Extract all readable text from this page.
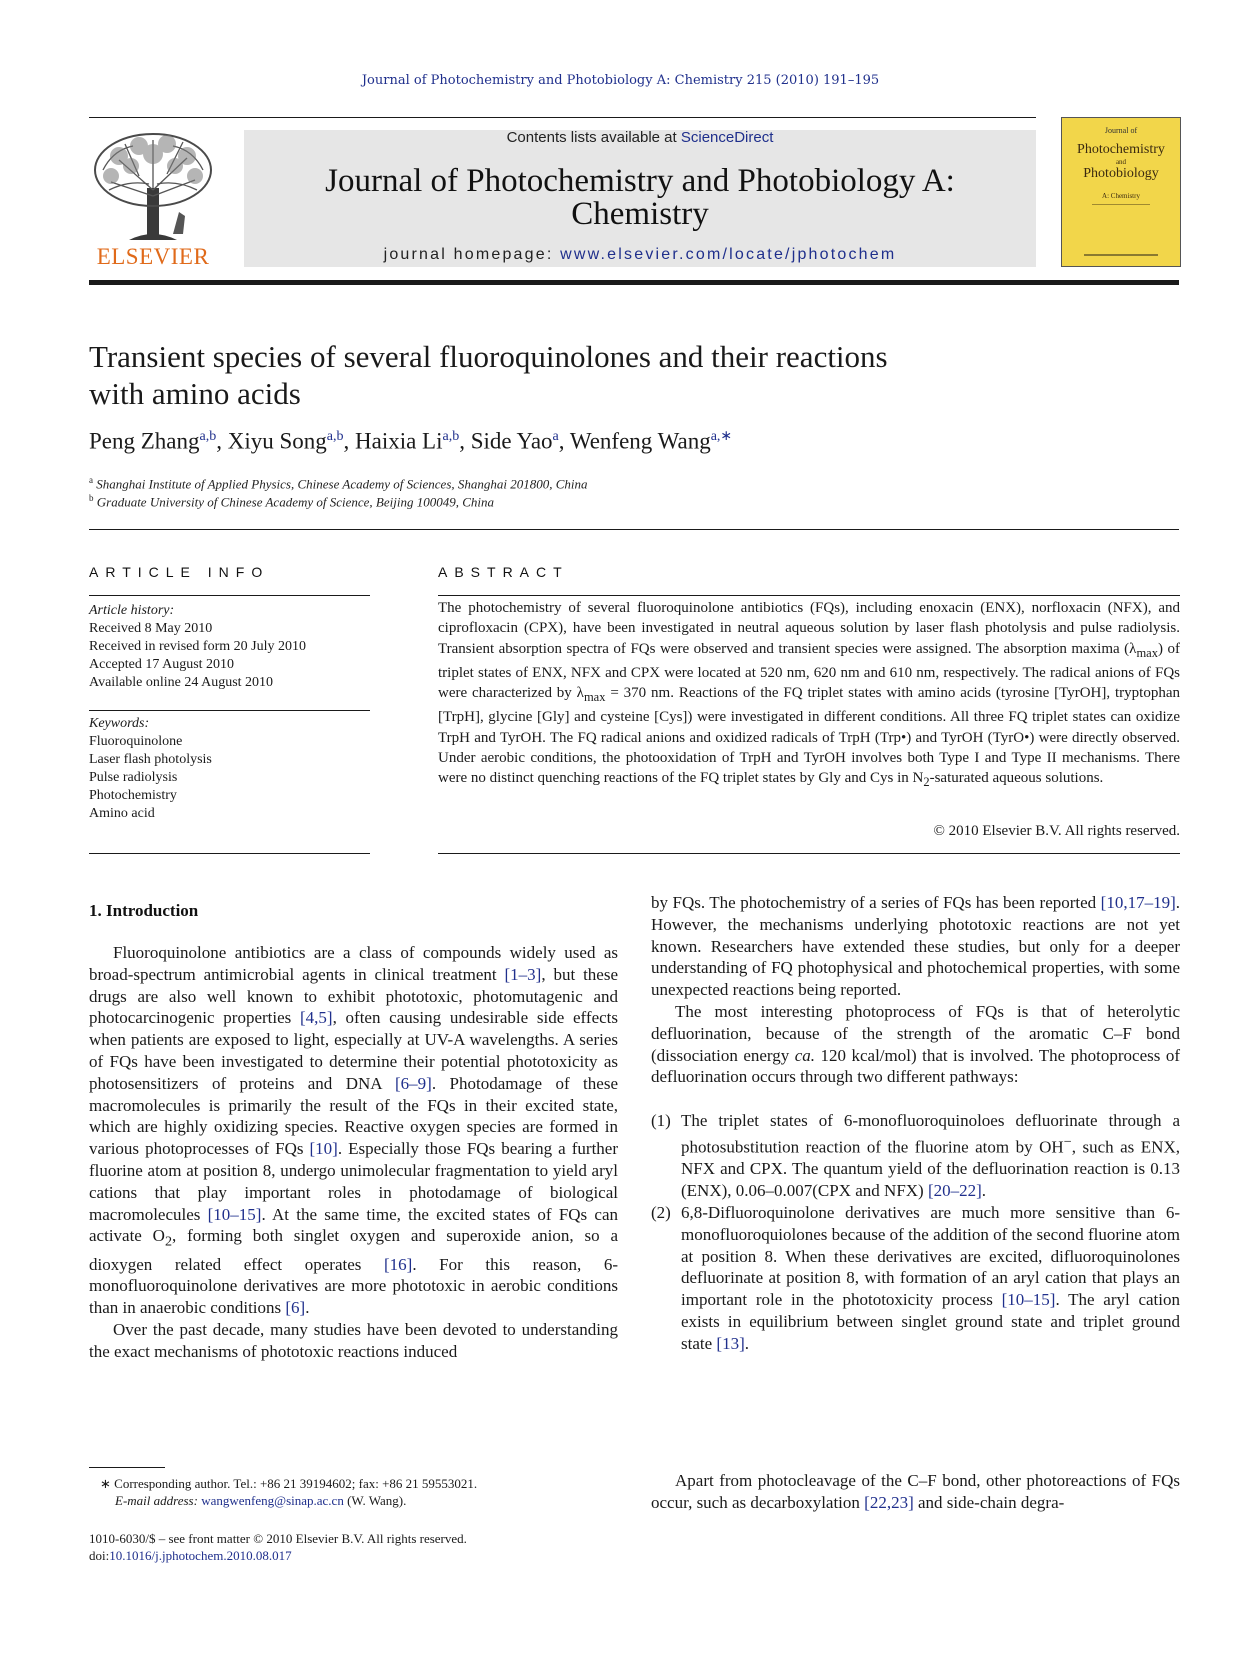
Journal of Photochemistry and Photobiology A: Chemistry 215 (2010) 191–195
ELSEVIER
Contents lists available at ScienceDirect
Journal of Photochemistry and Photobiology A:
Chemistry
journal homepage: www.elsevier.com/locate/jphotochem
Journal of
Photochemistry
and
Photobiology
A: Chemistry
Transient species of several fluoroquinolones and their reactions
with amino acids
Peng Zhang$^{a,b}$, Xiyu Song$^{a,b}$, Haixia Li$^{a,b}$, Side Yao$^a$, Wenfeng Wang$^{a,∗}$
$^a$ Shanghai Institute of Applied Physics, Chinese Academy of Sciences, Shanghai 201800, China
$^b$ Graduate University of Chinese Academy of Science, Beijing 100049, China
ARTICLE INFO
Article history:
Received 8 May 2010
Received in revised form 20 July 2010
Accepted 17 August 2010
Available online 24 August 2010
Keywords:
Fluoroquinolone
Laser flash photolysis
Pulse radiolysis
Photochemistry
Amino acid
ABSTRACT
The photochemistry of several fluoroquinolone antibiotics (FQs), including enoxacin (ENX), norfloxacin (NFX), and ciprofloxacin (CPX), have been investigated in neutral aqueous solution by laser flash photolysis and pulse radiolysis. Transient absorption spectra of FQs were observed and transient species were assigned. The absorption maxima $(\lambda_{max})$ of triplet states of ENX, NFX and CPX were located at 520 nm, 620 nm and 610 nm, respectively. The radical anions of FQs were characterized by $\lambda_{max} = 370$ nm. Reactions of the FQ triplet states with amino acids (tyrosine [TyrOH], tryptophan [TrpH], glycine [Gly] and cysteine [Cys]) were investigated in different conditions. All three FQ triplet states can oxidize TrpH and TyrOH. The FQ radical anions and oxidized radicals of TrpH (Trp•) and TyrOH (TyrO•) were directly observed. Under aerobic conditions, the photooxidation of TrpH and TyrOH involves both Type I and Type II mechanisms. There were no distinct quenching reactions of the FQ triplet states by Gly and Cys in $N_2$-saturated aqueous solutions.
© 2010 Elsevier B.V. All rights reserved.
1. Introduction

Fluoroquinolone antibiotics are a class of compounds widely used as broad-spectrum antimicrobial agents in clinical treatment [1–3], but these drugs are also well known to exhibit phototoxic, photomutagenic and photocarcinogenic properties [4,5], often causing undesirable side effects when patients are exposed to light, especially at UV-A wavelengths. A series of FQs have been investigated to determine their potential phototoxicity as photosensitizers of proteins and DNA [6–9]. Photodamage of these macromolecules is primarily the result of the FQs in their excited state, which are highly oxidizing species. Reactive oxygen species are formed in various photoprocesses of FQs [10]. Especially those FQs bearing a further fluorine atom at position 8, undergo unimolecular fragmentation to yield aryl cations that play important roles in photodamage of biological macromolecules [10–15]. At the same time, the excited states of FQs can activate $O_2$, forming both singlet oxygen and superoxide anion, so a dioxygen related effect operates [16]. For this reason, 6-monofluoroquinolone derivatives are more phototoxic in aerobic conditions than in anaerobic conditions [6].

Over the past decade, many studies have been devoted to understanding the exact mechanisms of phototoxic reactions induced

by FQs. The photochemistry of a series of FQs has been reported [10,17–19]. However, the mechanisms underlying phototoxic reactions are not yet known. Researchers have extended these studies, but only for a deeper understanding of FQ photophysical and photochemical properties, with some unexpected reactions being reported.

The most interesting photoprocess of FQs is that of heterolytic defluorination, because of the strength of the aromatic C–F bond (dissociation energy ca. 120 kcal/mol) that is involved. The photoprocess of defluorination occurs through two different pathways:

(1) The triplet states of 6-monofluoroquinoloes defluorinate through a photosubstitution reaction of the fluorine atom by OH−, such as ENX, NFX and CPX. The quantum yield of the defluorination reaction is 0.13 (ENX), 0.06–0.007(CPX and NFX) [20–22].
(2) 6,8-Difluoroquinolone derivatives are much more sensitive than 6-monofluoroquiolones because of the addition of the second fluorine atom at position 8. When these derivatives are excited, difluoroquinolones defluorinate at position 8, with formation of an aryl cation that plays an important role in the phototoxicity process [10–15]. The aryl cation exists in equilibrium between singlet ground state and triplet ground state [13].

Apart from photocleavage of the C–F bond, other photoreactions of FQs occur, such as decarboxylation [22,23] and side-chain degra-

∗ Corresponding author. Tel.: +86 21 39194602; fax: +86 21 59553021.
E-mail address: wangwenfeng@sinap.ac.cn (W. Wang).
1010-6030/$ – see front matter © 2010 Elsevier B.V. All rights reserved.
doi:10.1016/j.jphotochem.2010.08.017
